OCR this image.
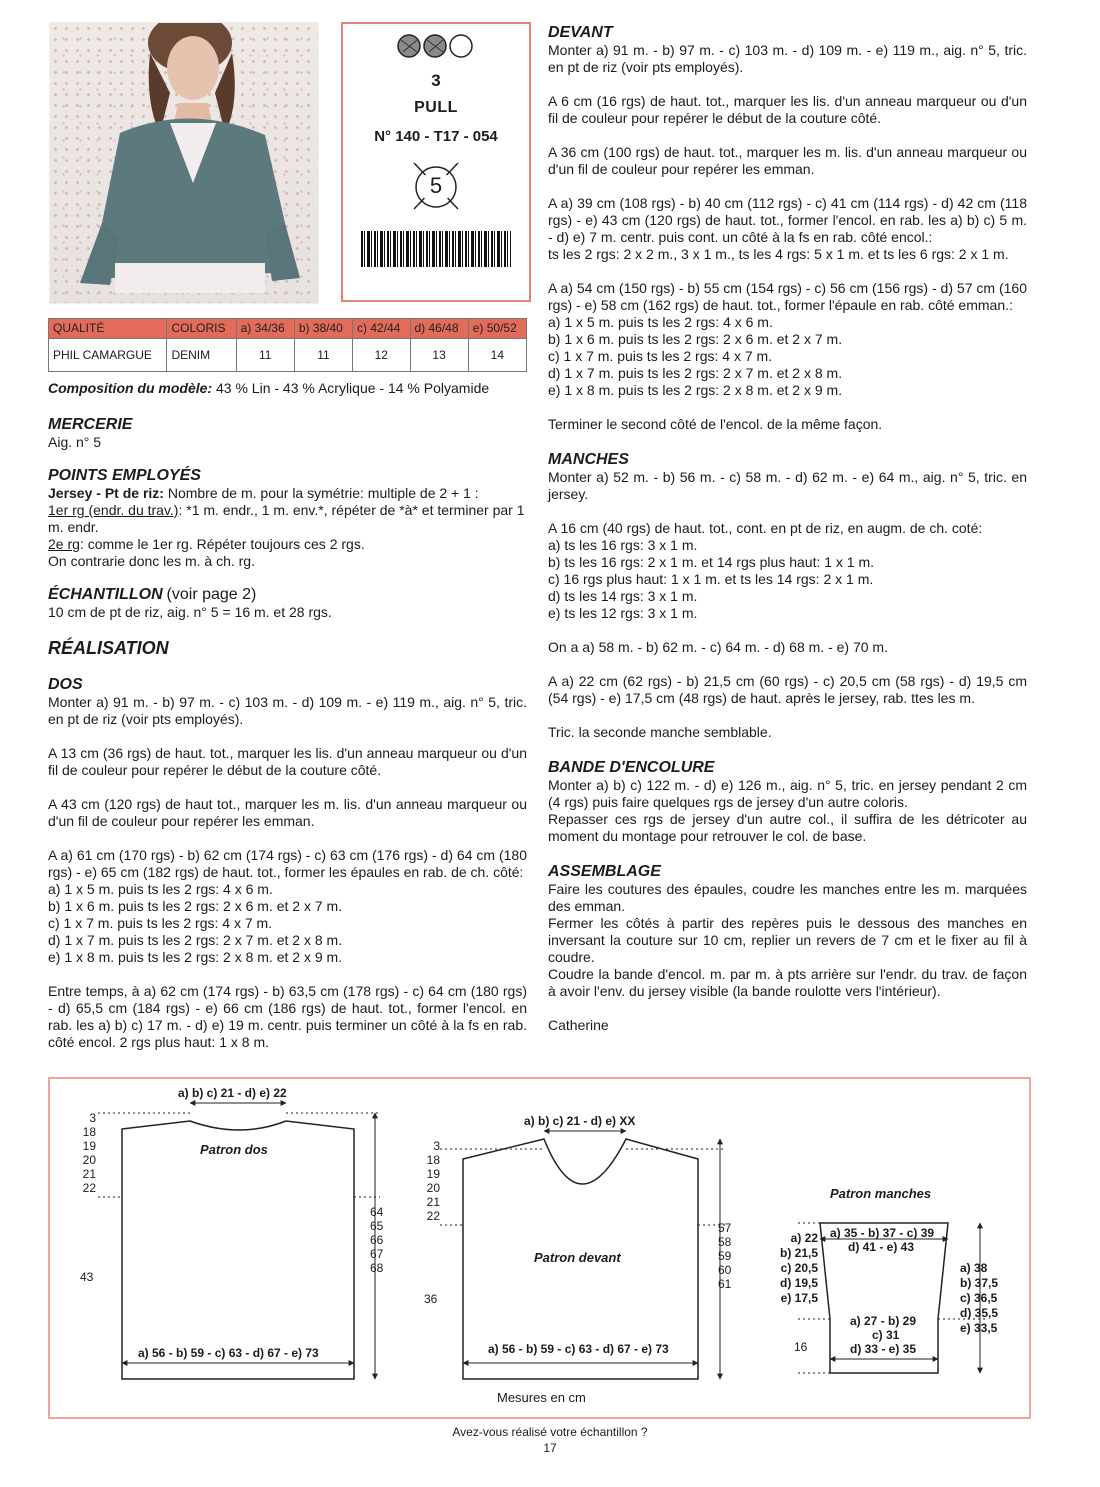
3
PULL
N° 140 - T17 - 054
5
QUALITÉ	COLORIS	a) 34/36	b) 38/40	c) 42/44	d) 46/48	e) 50/52
PHIL CAMARGUE	DENIM	11	11	12	13	14

Composition du modèle: 43 % Lin - 43 % Acrylique - 14 % Polyamide

MERCERIE

Aig. n° 5

POINTS EMPLOYÉS

Jersey - Pt de riz: Nombre de m. pour la symétrie: multiple de 2 + 1 :

1er rg (endr. du trav.): *1 m. endr., 1 m. env.*, répéter de *à* et terminer par 1 m. endr.

2e rg: comme le 1er rg. Répéter toujours ces 2 rgs.

On contrarie donc les m. à ch. rg.

ÉCHANTILLON (voir page 2)

10 cm de pt de riz, aig. n° 5 = 16 m. et 28 rgs.

RÉALISATION

DOS

Monter a) 91 m. - b) 97 m. - c) 103 m. - d) 109 m. - e) 119 m., aig. n° 5, tric. en pt de riz (voir pts employés).

A 13 cm (36 rgs) de haut. tot., marquer les lis. d'un anneau marqueur ou d'un fil de couleur pour repérer le début de la couture côté.

A 43 cm (120 rgs) de haut tot., marquer les m. lis. d'un anneau marqueur ou d'un fil de couleur pour repérer les emman.

A a) 61 cm (170 rgs) - b) 62 cm (174 rgs) - c) 63 cm (176 rgs) - d) 64 cm (180 rgs) - e) 65 cm (182 rgs) de haut. tot., former les épaules en rab. de ch. côté:

a) 1 x 5 m. puis ts les 2 rgs: 4 x 6 m.

b) 1 x 6 m. puis ts les 2 rgs: 2 x 6 m. et 2 x 7 m.

c) 1 x 7 m. puis ts les 2 rgs: 4 x 7 m.

d) 1 x 7 m. puis ts les 2 rgs: 2 x 7 m. et 2 x 8 m.

e) 1 x 8 m. puis ts les 2 rgs: 2 x 8 m. et 2 x 9 m.

Entre temps, à a) 62 cm (174 rgs) - b) 63,5 cm (178 rgs) - c) 64 cm (180 rgs) - d) 65,5 cm (184 rgs) - e) 66 cm (186 rgs) de haut. tot., former l'encol. en rab. les a) b) c) 17 m. - d) e) 19 m. centr. puis terminer un côté à la fs en rab. côté encol. 2 rgs plus haut: 1 x 8 m.

DEVANT

Monter a) 91 m. - b) 97 m. - c) 103 m. - d) 109 m. - e) 119 m., aig. n° 5, tric. en pt de riz (voir pts employés).

A 6 cm (16 rgs) de haut. tot., marquer les lis. d'un anneau marqueur ou d'un fil de couleur pour repérer le début de la couture côté.

A 36 cm (100 rgs) de haut. tot., marquer les m. lis. d'un anneau marqueur ou d'un fil de couleur pour repérer les emman.

A a) 39 cm (108 rgs) - b) 40 cm (112 rgs) - c) 41 cm (114 rgs) - d) 42 cm (118 rgs) - e) 43 cm (120 rgs) de haut. tot., former l'encol. en rab. les a) b) c) 5 m. - d) e) 7 m. centr. puis cont. un côté à la fs en rab. côté encol.:

ts les 2 rgs: 2 x 2 m., 3 x 1 m., ts les 4 rgs: 5 x 1 m. et ts les 6 rgs: 2 x 1 m.

A a) 54 cm (150 rgs) - b) 55 cm (154 rgs) - c) 56 cm (156 rgs) - d) 57 cm (160 rgs) - e) 58 cm (162 rgs) de haut. tot., former l'épaule en rab. côté emman.:

a) 1 x 5 m. puis ts les 2 rgs: 4 x 6 m.

b) 1 x 6 m. puis ts les 2 rgs: 2 x 6 m. et 2 x 7 m.

c) 1 x 7 m. puis ts les 2 rgs: 4 x 7 m.

d) 1 x 7 m. puis ts les 2 rgs: 2 x 7 m. et 2 x 8 m.

e) 1 x 8 m. puis ts les 2 rgs: 2 x 8 m. et 2 x 9 m.

Terminer le second côté de l'encol. de la même façon.

MANCHES

Monter a) 52 m. - b) 56 m. - c) 58 m. - d) 62 m. - e) 64 m., aig. n° 5, tric. en jersey.

A 16 cm (40 rgs) de haut. tot., cont. en pt de riz, en augm. de ch. coté:

a) ts les 16 rgs: 3 x 1 m.

b) ts les 16 rgs: 2 x 1 m. et 14 rgs plus haut: 1 x 1 m.

c) 16 rgs plus haut: 1 x 1 m. et ts les 14 rgs: 2 x 1 m.

d) ts les 14 rgs: 3 x 1 m.

e) ts les 12 rgs: 3 x 1 m.

On a a) 58 m. - b) 62 m. - c) 64 m. - d) 68 m. - e) 70 m.

A a) 22 cm (62 rgs) - b) 21,5 cm (60 rgs) - c) 20,5 cm (58 rgs) - d) 19,5 cm (54 rgs) - e) 17,5 cm (48 rgs) de haut. après le jersey, rab. ttes les m.

Tric. la seconde manche semblable.

BANDE D'ENCOLURE

Monter a) b) c) 122 m. - d) e) 126 m., aig. n° 5, tric. en jersey pendant 2 cm (4 rgs) puis faire quelques rgs de jersey d'un autre coloris.

Repasser ces rgs de jersey d'un autre col., il suffira de les détricoter au moment du montage pour retrouver le col. de base.

ASSEMBLAGE

Faire les coutures des épaules, coudre les manches entre les m. marquées des emman.

Fermer les côtés à partir des repères puis le dessous des manches en inversant la couture sur 10 cm, replier un revers de 7 cm et le fixer au fil à coudre.

Coudre la bande d'encol. m. par m. à pts arrière sur l'endr. du trav. de façon à avoir l'env. du jersey visible (la bande roulotte vers l'intérieur).

Catherine

a) b) c) 21 - d) e) 22
Patron dos
3
18
19
20
21
22
43
64
65
66
67
68
a) 56 - b) 59 - c) 63 - d) 67 - e) 73
a) b) c) 21 - d) e) XX
Patron devant
3
18
19
20
21
22
36
57
58
59
60
61
a) 56 - b) 59 - c) 63 - d) 67 - e) 73
Patron manches
a) 35 - b) 37 - c) 39
d) 41 - e) 43
a) 22
b) 21,5
c) 20,5
d) 19,5
e) 17,5
a) 38
b) 37,5
c) 36,5
d) 35,5
e) 33,5
a) 27 - b) 29
c) 31
d) 33 - e) 35
16
Mesures en cm
Avez-vous réalisé votre échantillon ?
17
